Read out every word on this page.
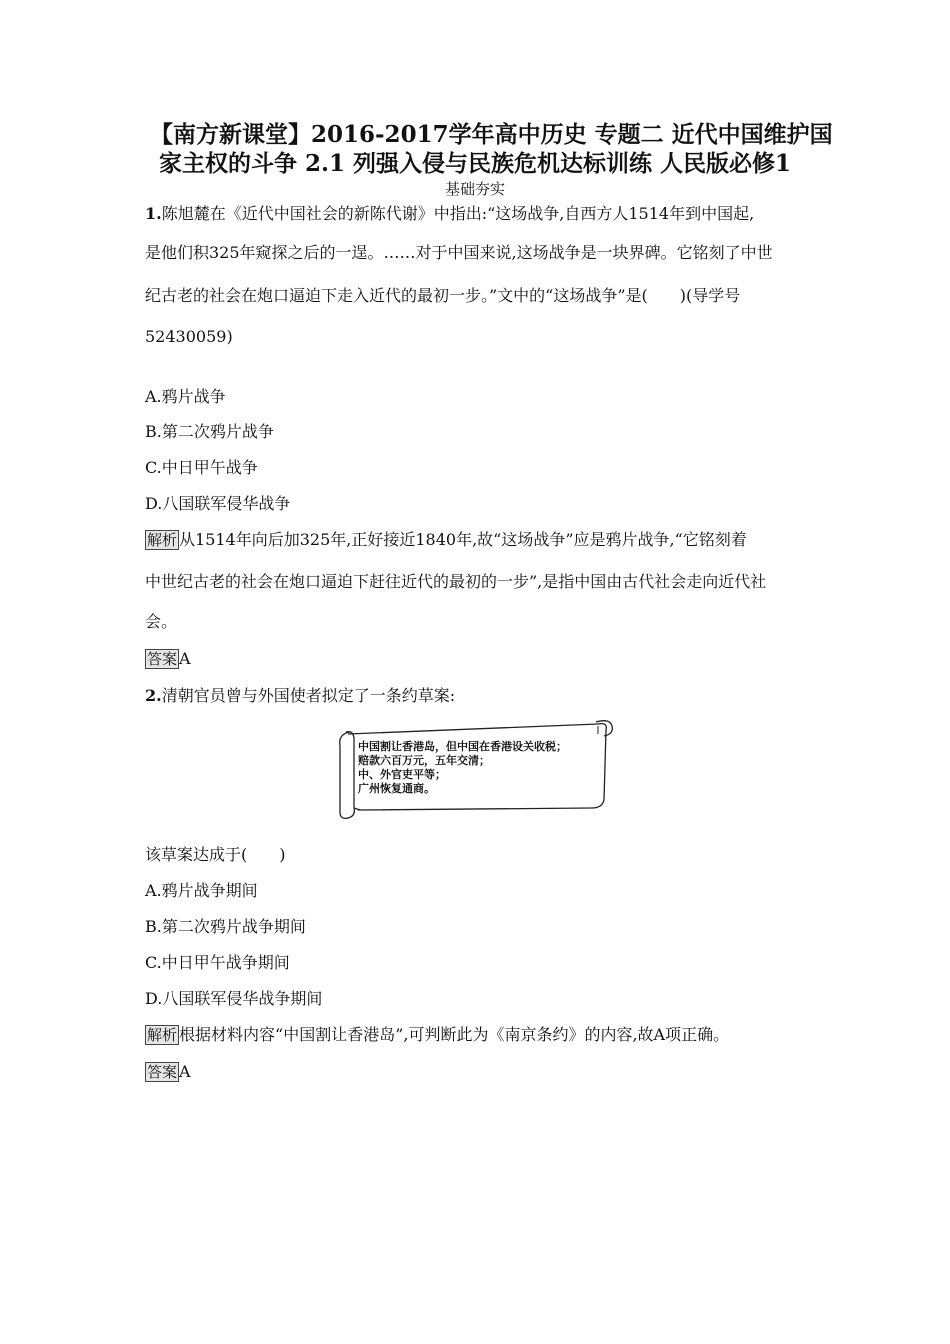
【南方新课堂】2016-2017学年高中历史 专题二 近代中国维护国
家主权的斗争 2.1 列强入侵与民族危机达标训练 人民版必修1
基础夯实
1.陈旭麓在《近代中国社会的新陈代谢》中指出:“这场战争,自西方人1514年到中国起,
是他们积325年窥探之后的一逞。……对于中国来说,这场战争是一块界碑。它铭刻了中世
纪古老的社会在炮口逼迫下走入近代的最初一步。”文中的“这场战争”是(　　)(导学号
52430059)
A.鸦片战争
B.第二次鸦片战争
C.中日甲午战争
D.八国联军侵华战争
解析 从1514年向后加325年,正好接近1840年,故“这场战争”应是鸦片战争,“它铭刻着
中世纪古老的社会在炮口逼迫下赶往近代的最初的一步”,是指中国由古代社会走向近代社
会。
答案 A
2.清朝官员曾与外国使者拟定了一条约草案:
中国割让香港岛，但中国在香港设关收税；
赔款六百万元，五年交清；
中、外官吏平等；
广州恢复通商。
该草案达成于(　　)
A.鸦片战争期间
B.第二次鸦片战争期间
C.中日甲午战争期间
D.八国联军侵华战争期间
解析 根据材料内容“中国割让香港岛”,可判断此为《南京条约》的内容,故A项正确。
答案 A
